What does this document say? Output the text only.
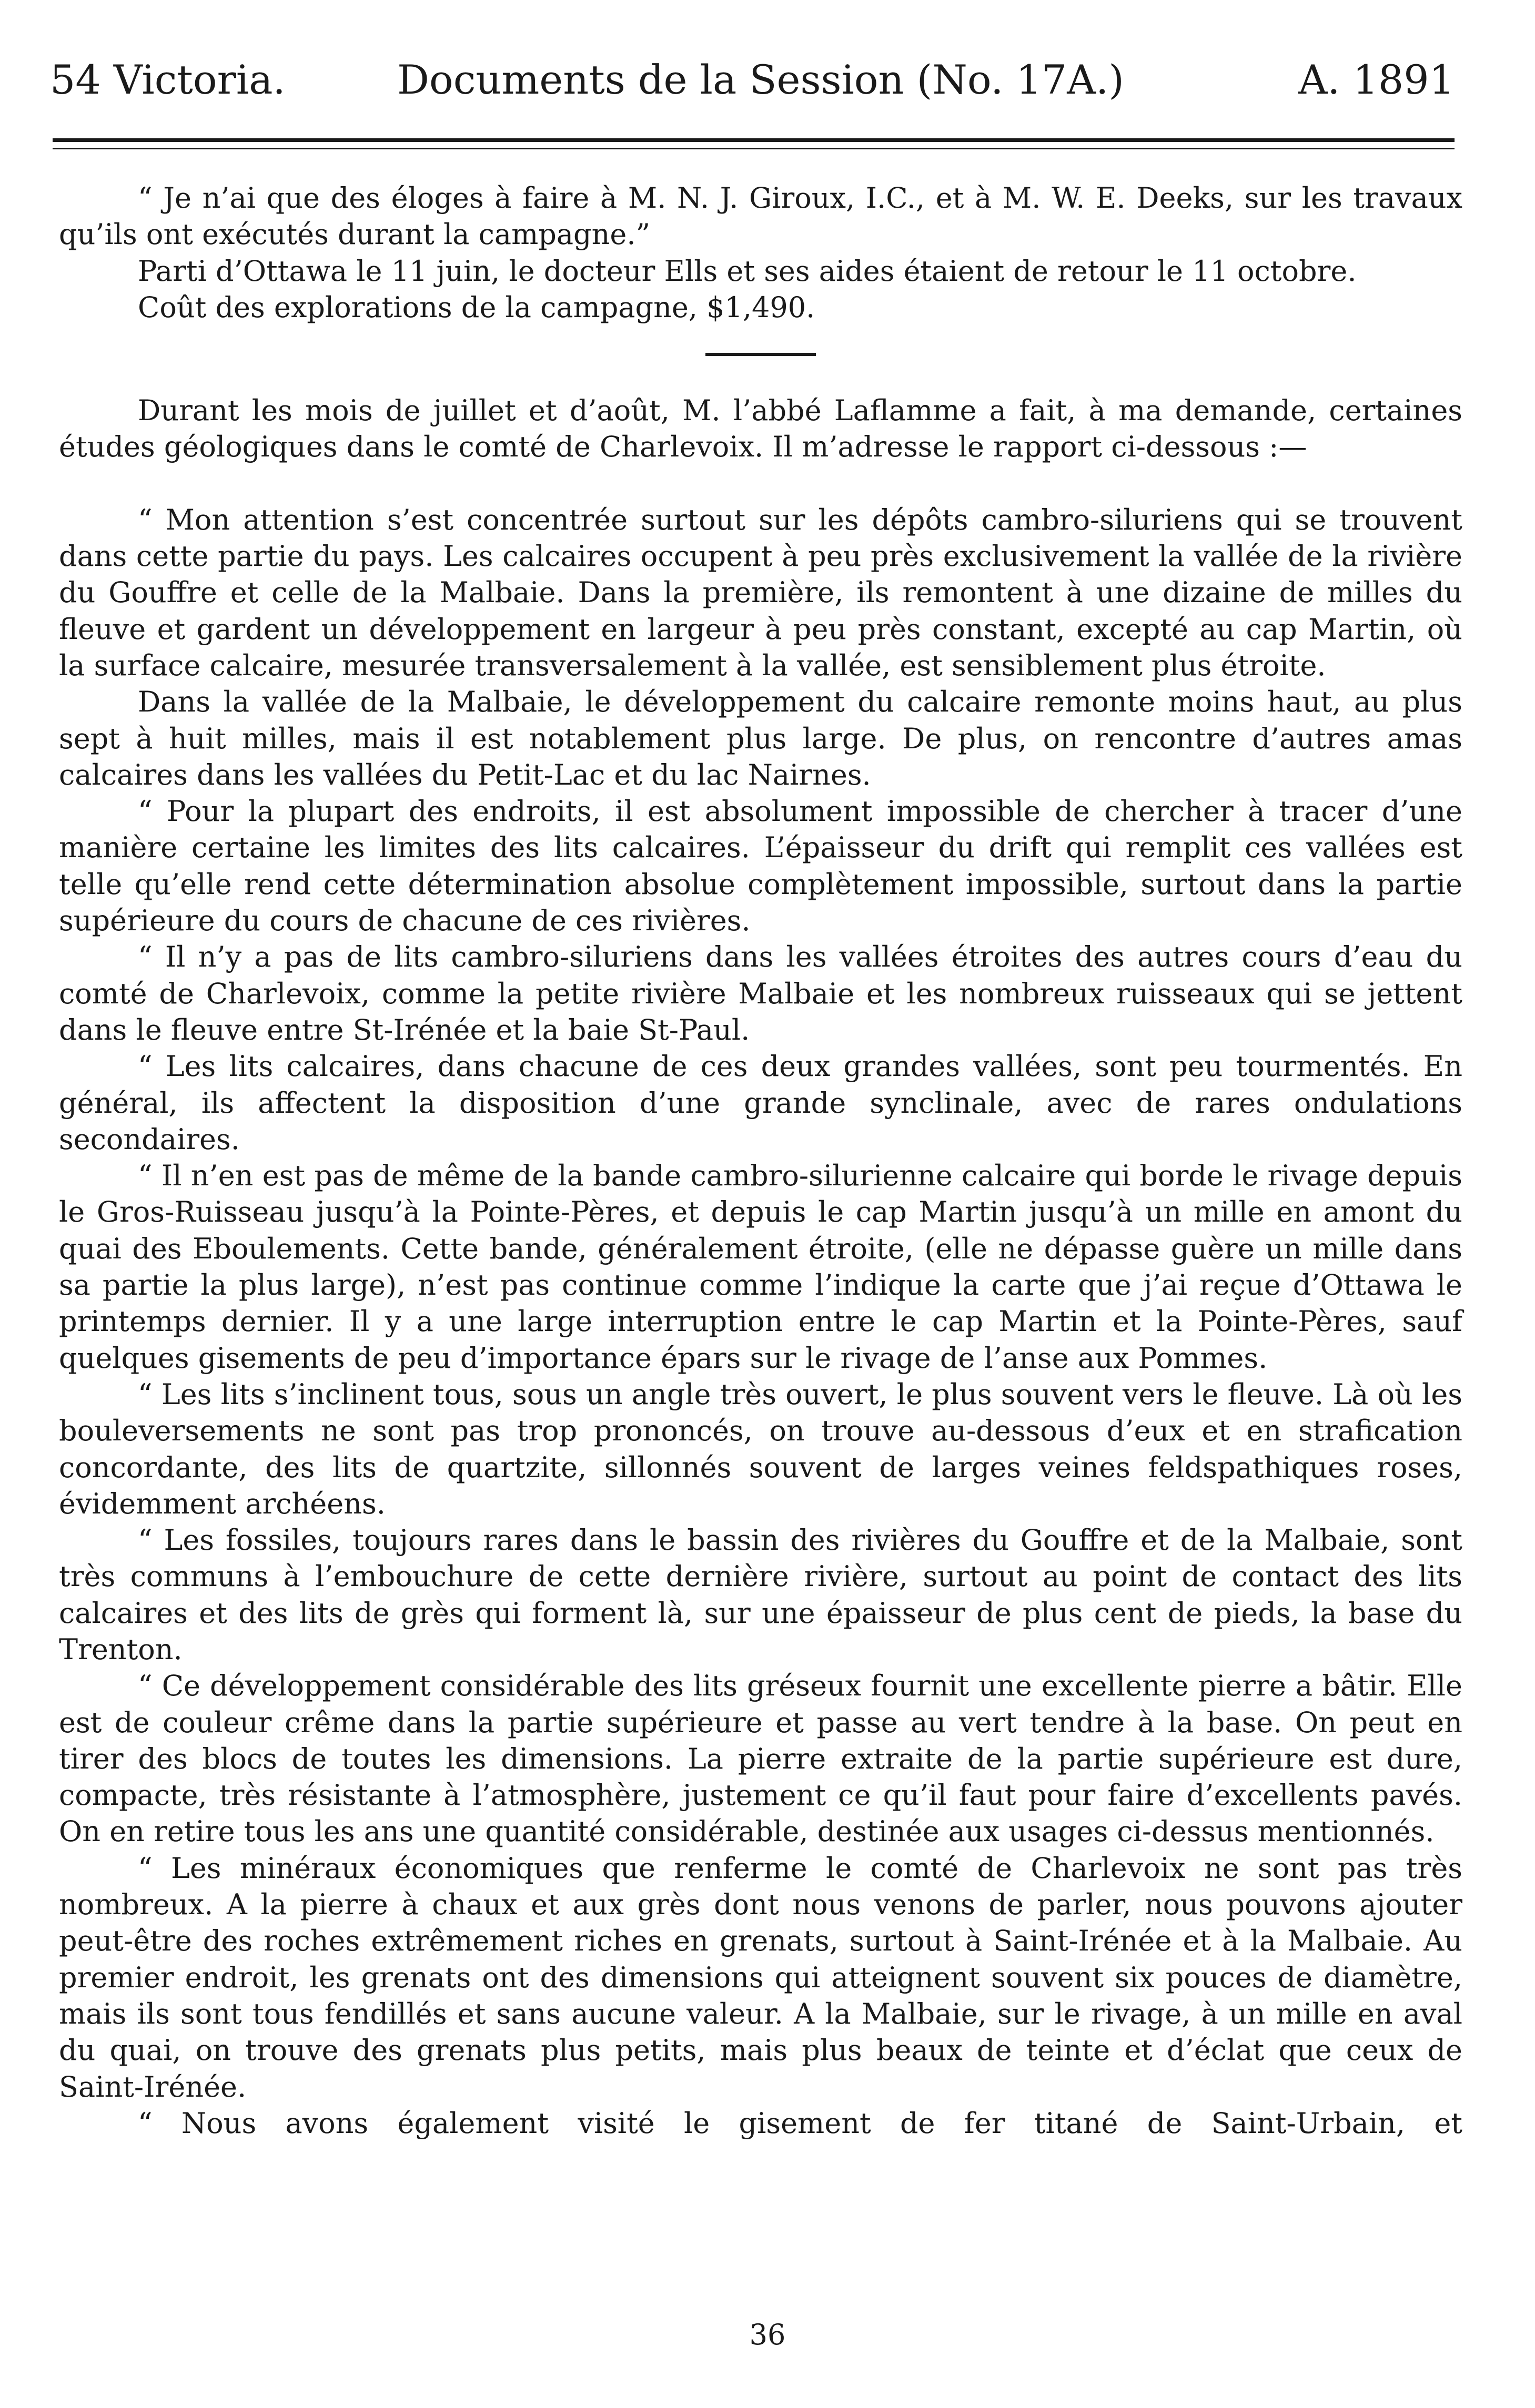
54 Victoria.	Documents de la Session (No. 17A.)	A. 1891

“ Je n’ai que des éloges à faire à M. N. J. Giroux, I.C., et à M. W. E. Deeks, sur les travaux qu’ils ont exécutés durant la campagne.”

Parti d’Ottawa le 11 juin, le docteur Ells et ses aides étaient de retour le 11 octobre.

Coût des explorations de la campagne, $1,490.

Durant les mois de juillet et d’août, M. l’abbé Laflamme a fait, à ma demande, certaines études géologiques dans le comté de Charlevoix. Il m’adresse le rapport ci-dessous :—

“ Mon attention s’est concentrée surtout sur les dépôts cambro-siluriens qui se trouvent dans cette partie du pays. Les calcaires occupent à peu près exclusivement la vallée de la rivière du Gouffre et celle de la Malbaie. Dans la première, ils remontent à une dizaine de milles du fleuve et gardent un développement en largeur à peu près constant, excepté au cap Martin, où la surface calcaire, mesurée transversalement à la vallée, est sensiblement plus étroite.

Dans la vallée de la Malbaie, le développement du calcaire remonte moins haut, au plus sept à huit milles, mais il est notablement plus large. De plus, on rencontre d’autres amas calcaires dans les vallées du Petit-Lac et du lac Nairnes.

“ Pour la plupart des endroits, il est absolument impossible de chercher à tracer d’une manière certaine les limites des lits calcaires. L’épaisseur du drift qui remplit ces vallées est telle qu’elle rend cette détermination absolue complètement impossible, surtout dans la partie supérieure du cours de chacune de ces rivières.

“ Il n’y a pas de lits cambro-siluriens dans les vallées étroites des autres cours d’eau du comté de Charlevoix, comme la petite rivière Malbaie et les nombreux ruisseaux qui se jettent dans le fleuve entre St-Irénée et la baie St-Paul.

“ Les lits calcaires, dans chacune de ces deux grandes vallées, sont peu tourmentés. En général, ils affectent la disposition d’une grande synclinale, avec de rares ondulations secondaires.

“ Il n’en est pas de même de la bande cambro-silurienne calcaire qui borde le rivage depuis le Gros-Ruisseau jusqu’à la Pointe-Pères, et depuis le cap Martin jusqu’à un mille en amont du quai des Eboulements. Cette bande, généralement étroite, (elle ne dépasse guère un mille dans sa partie la plus large), n’est pas continue comme l’indique la carte que j’ai reçue d’Ottawa le printemps dernier. Il y a une large interruption entre le cap Martin et la Pointe-Pères, sauf quelques gisements de peu d’importance épars sur le rivage de l’anse aux Pommes.

“ Les lits s’inclinent tous, sous un angle très ouvert, le plus souvent vers le fleuve. Là où les bouleversements ne sont pas trop prononcés, on trouve au-dessous d’eux et en strafication concordante, des lits de quartzite, sillonnés souvent de larges veines feldspathiques roses, évidemment archéens.

“ Les fossiles, toujours rares dans le bassin des rivières du Gouffre et de la Malbaie, sont très communs à l’embouchure de cette dernière rivière, surtout au point de contact des lits calcaires et des lits de grès qui forment là, sur une épaisseur de plus cent de pieds, la base du Trenton.

“ Ce développement considérable des lits gréseux fournit une excellente pierre a bâtir. Elle est de couleur crême dans la partie supérieure et passe au vert tendre à la base. On peut en tirer des blocs de toutes les dimensions. La pierre extraite de la partie supérieure est dure, compacte, très résistante à l’atmosphère, justement ce qu’il faut pour faire d’excellents pavés. On en retire tous les ans une quantité considérable, destinée aux usages ci-dessus mentionnés.

“ Les minéraux économiques que renferme le comté de Charlevoix ne sont pas très nombreux. A la pierre à chaux et aux grès dont nous venons de parler, nous pouvons ajouter peut-être des roches extrêmement riches en grenats, surtout à Saint-Irénée et à la Malbaie. Au premier endroit, les grenats ont des dimensions qui atteignent souvent six pouces de diamètre, mais ils sont tous fendillés et sans aucune valeur. A la Malbaie, sur le rivage, à un mille en aval du quai, on trouve des grenats plus petits, mais plus beaux de teinte et d’éclat que ceux de Saint-Irénée.

“ Nous avons également visité le gisement de fer titané de Saint-Urbain, et

36
